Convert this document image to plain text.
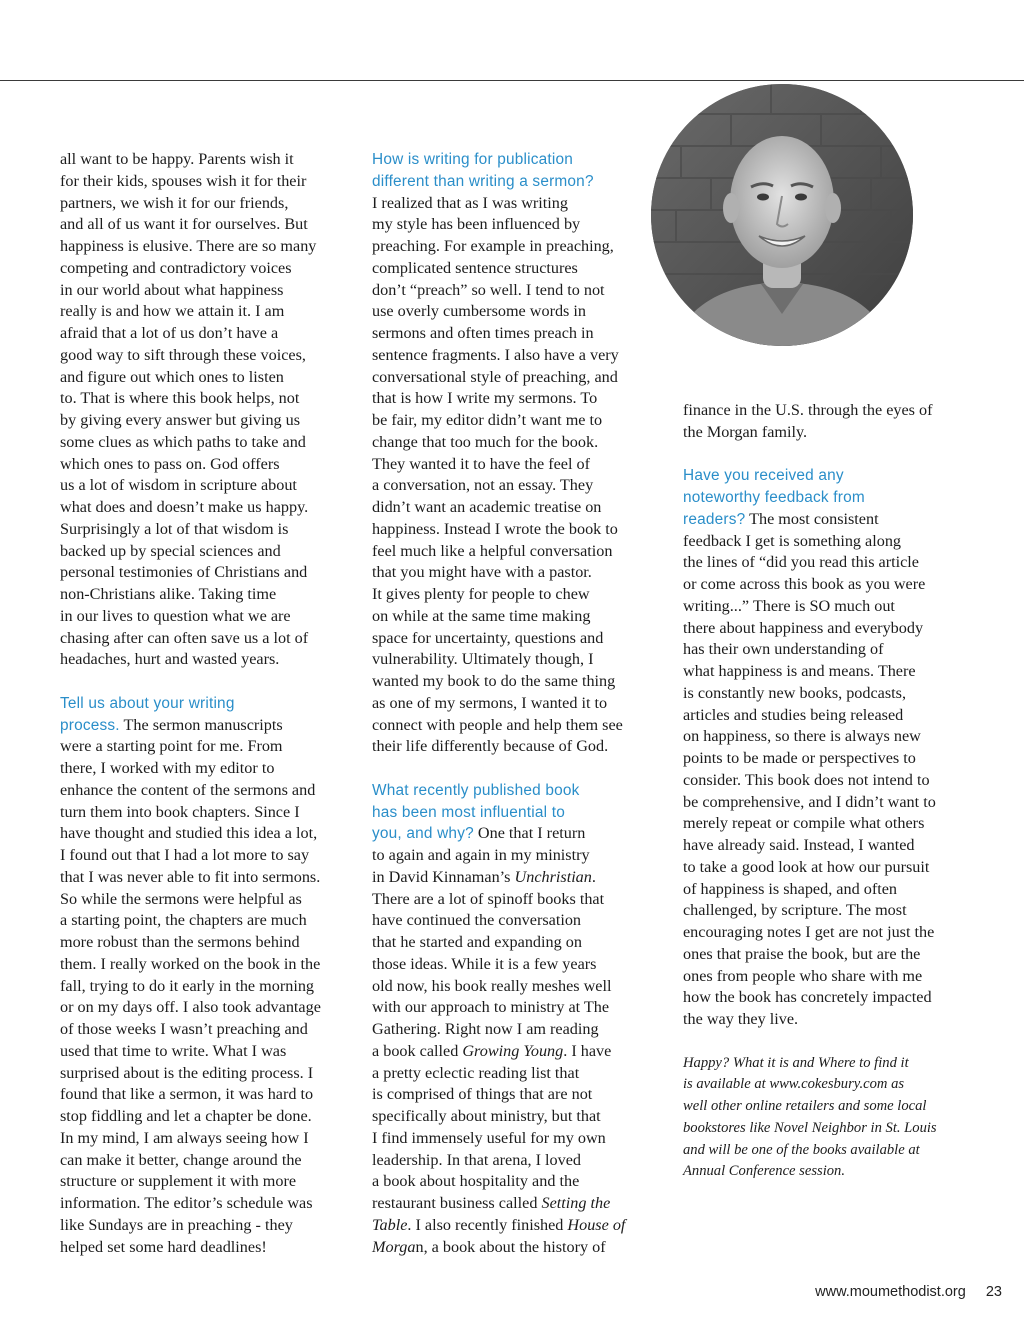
all want to be happy. Parents wish it
for their kids, spouses wish it for their
partners, we wish it for our friends,
and all of us want it for ourselves. But
happiness is elusive. There are so many
competing and contradictory voices
in our world about what happiness
really is and how we attain it. I am
afraid that a lot of us don’t have a
good way to sift through these voices,
and figure out which ones to listen
to. That is where this book helps, not
by giving every answer but giving us
some clues as which paths to take and
which ones to pass on. God offers
us a lot of wisdom in scripture about
what does and doesn’t make us happy.
Surprisingly a lot of that wisdom is
backed up by special sciences and
personal testimonies of Christians and
non-Christians alike. Taking time
in our lives to question what we are
chasing after can often save us a lot of
headaches, hurt and wasted years.
Tell us about your writing
process. The sermon manuscripts
were a starting point for me. From
there, I worked with my editor to
enhance the content of the sermons and
turn them into book chapters. Since I
have thought and studied this idea a lot,
I found out that I had a lot more to say
that I was never able to fit into sermons.
So while the sermons were helpful as
a starting point, the chapters are much
more robust than the sermons behind
them. I really worked on the book in the
fall, trying to do it early in the morning
or on my days off. I also took advantage
of those weeks I wasn’t preaching and
used that time to write. What I was
surprised about is the editing process. I
found that like a sermon, it was hard to
stop fiddling and let a chapter be done.
In my mind, I am always seeing how I
can make it better, change around the
structure or supplement it with more
information. The editor’s schedule was
like Sundays are in preaching - they
helped set some hard deadlines!
How is writing for publication
different than writing a sermon?
I realized that as I was writing
my style has been influenced by
preaching. For example in preaching,
complicated sentence structures
don’t “preach” so well. I tend to not
use overly cumbersome words in
sermons and often times preach in
sentence fragments. I also have a very
conversational style of preaching, and
that is how I write my sermons. To
be fair, my editor didn’t want me to
change that too much for the book.
They wanted it to have the feel of
a conversation, not an essay. They
didn’t want an academic treatise on
happiness. Instead I wrote the book to
feel much like a helpful conversation
that you might have with a pastor.
It gives plenty for people to chew
on while at the same time making
space for uncertainty, questions and
vulnerability. Ultimately though, I
wanted my book to do the same thing
as one of my sermons, I wanted it to
connect with people and help them see
their life differently because of God.
What recently published book
has been most influential to
you, and why? One that I return
to again and again in my ministry
in David Kinnaman’s Unchristian.
There are a lot of spinoff books that
have continued the conversation
that he started and expanding on
those ideas. While it is a few years
old now, his book really meshes well
with our approach to ministry at The
Gathering. Right now I am reading
a book called Growing Young. I have
a pretty eclectic reading list that
is comprised of things that are not
specifically about ministry, but that
I find immensely useful for my own
leadership. In that arena, I loved
a book about hospitality and the
restaurant business called Setting the
Table. I also recently finished House of
Morgan, a book about the history of
finance in the U.S. through the eyes of
the Morgan family.
Have you received any
noteworthy feedback from
readers? The most consistent
feedback I get is something along
the lines of “did you read this article
or come across this book as you were
writing...” There is SO much out
there about happiness and everybody
has their own understanding of
what happiness is and means. There
is constantly new books, podcasts,
articles and studies being released
on happiness, so there is always new
points to be made or perspectives to
consider. This book does not intend to
be comprehensive, and I didn’t want to
merely repeat or compile what others
have already said. Instead, I wanted
to take a good look at how our pursuit
of happiness is shaped, and often
challenged, by scripture. The most
encouraging notes I get are not just the
ones that praise the book, but are the
ones from people who share with me
how the book has concretely impacted
the way they live.
Happy? What it is and Where to find it
is available at www.cokesbury.com as
well other online retailers and some local
bookstores like Novel Neighbor in St. Louis
and will be one of the books available at
Annual Conference session.
www.moumethodist.org 23
